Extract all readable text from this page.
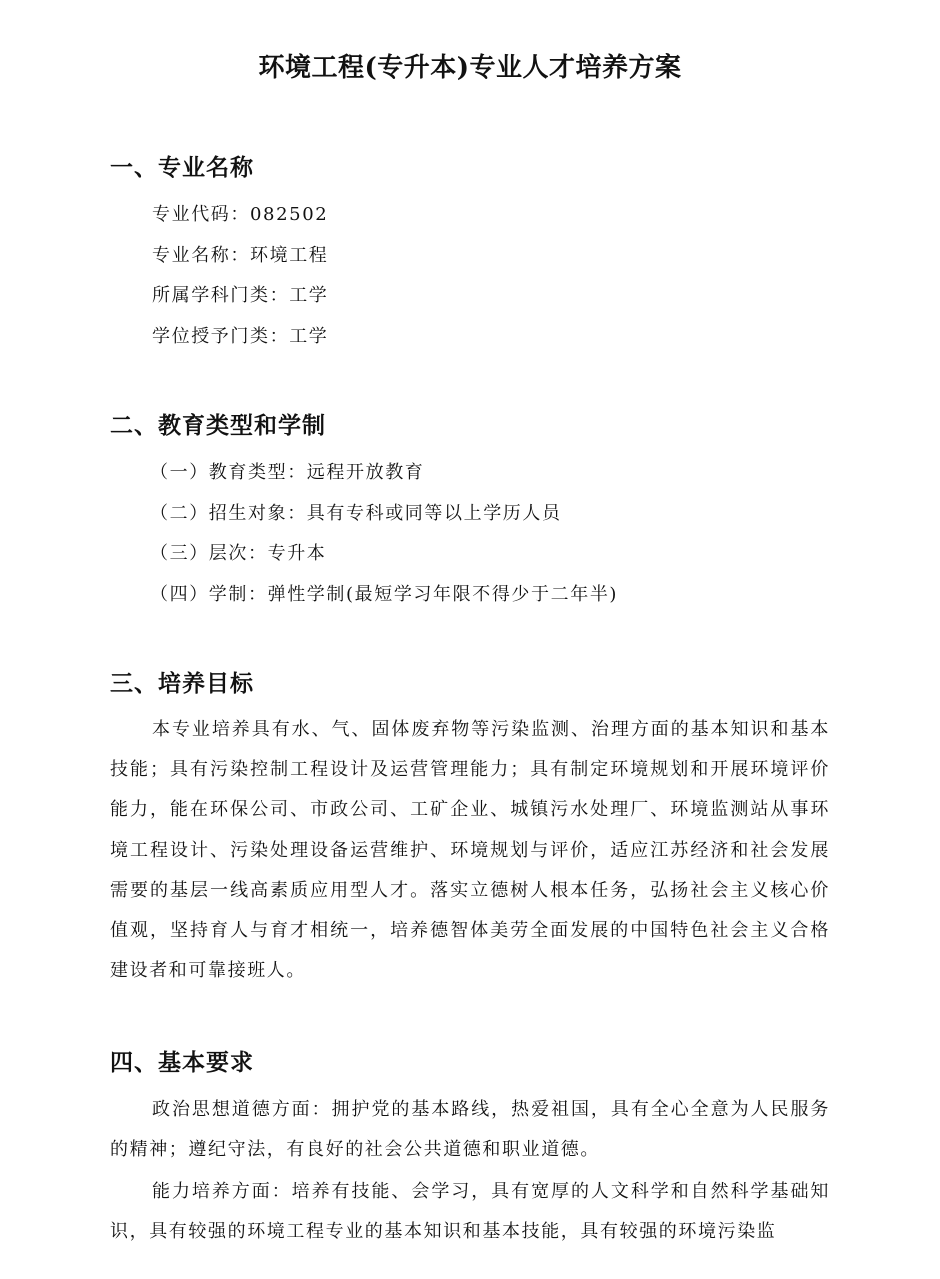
环境工程(专升本)专业人才培养方案
一、专业名称
专业代码：082502
专业名称：环境工程
所属学科门类：工学
学位授予门类：工学
二、教育类型和学制
（一）教育类型：远程开放教育
（二）招生对象：具有专科或同等以上学历人员
（三）层次：专升本
（四）学制：弹性学制(最短学习年限不得少于二年半)
三、培养目标

本专业培养具有水、气、固体废弃物等污染监测、治理方面的基本知识和基本技能；具有污染控制工程设计及运营管理能力；具有制定环境规划和开展环境评价能力，能在环保公司、市政公司、工矿企业、城镇污水处理厂、环境监测站从事环境工程设计、污染处理设备运营维护、环境规划与评价，适应江苏经济和社会发展需要的基层一线高素质应用型人才。落实立德树人根本任务，弘扬社会主义核心价值观，坚持育人与育才相统一，培养德智体美劳全面发展的中国特色社会主义合格建设者和可靠接班人。

四、基本要求

政治思想道德方面：拥护党的基本路线，热爱祖国，具有全心全意为人民服务的精神；遵纪守法，有良好的社会公共道德和职业道德。

能力培养方面：培养有技能、会学习，具有宽厚的人文科学和自然科学基础知识，具有较强的环境工程专业的基本知识和基本技能，具有较强的环境污染监
